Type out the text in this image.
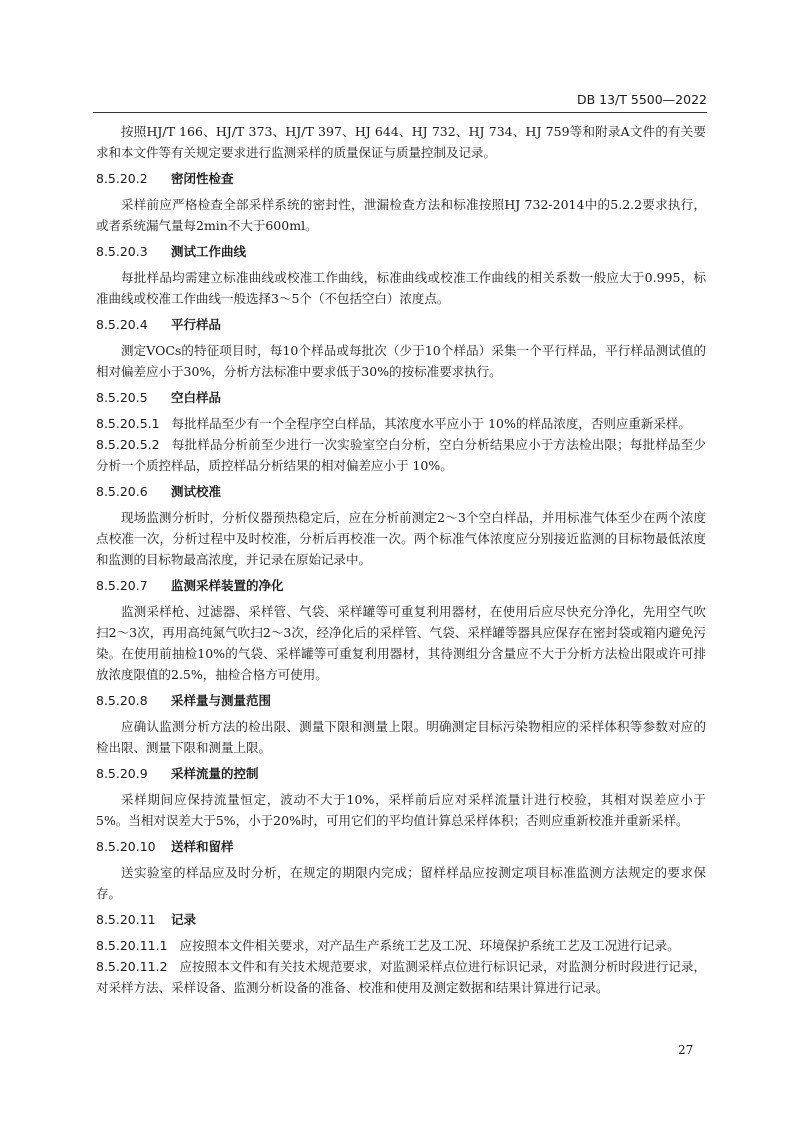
DB 13/T 5500—2022

按照HJ/T 166、HJ/T 373、HJ/T 397、HJ 644、HJ 732、HJ 734、HJ 759等和附录A文件的有关要求和本文件等有关规定要求进行监测采样的质量保证与质量控制及记录。

8.5.20.2 密闭性检查

采样前应严格检查全部采样系统的密封性，泄漏检查方法和标准按照HJ 732-2014中的5.2.2要求执行，或者系统漏气量每2min不大于600ml。

8.5.20.3 测试工作曲线

每批样品均需建立标准曲线或校准工作曲线，标准曲线或校准工作曲线的相关系数一般应大于0.995，标准曲线或校准工作曲线一般选择3～5个（不包括空白）浓度点。

8.5.20.4 平行样品

测定VOCs的特征项目时，每10个样品或每批次（少于10个样品）采集一个平行样品，平行样品测试值的相对偏差应小于30%，分析方法标准中要求低于30%的按标准要求执行。

8.5.20.5 空白样品

8.5.20.5.1 每批样品至少有一个全程序空白样品，其浓度水平应小于 10%的样品浓度，否则应重新采样。

8.5.20.5.2 每批样品分析前至少进行一次实验室空白分析，空白分析结果应小于方法检出限；每批样品至少分析一个质控样品，质控样品分析结果的相对偏差应小于 10%。

8.5.20.6 测试校准

现场监测分析时，分析仪器预热稳定后，应在分析前测定2～3个空白样品，并用标准气体至少在两个浓度点校准一次，分析过程中及时校准，分析后再校准一次。两个标准气体浓度应分别接近监测的目标物最低浓度和监测的目标物最高浓度，并记录在原始记录中。

8.5.20.7 监测采样装置的净化

监测采样枪、过滤器、采样管、气袋、采样罐等可重复利用器材，在使用后应尽快充分净化，先用空气吹扫2～3次，再用高纯氮气吹扫2～3次，经净化后的采样管、气袋、采样罐等器具应保存在密封袋或箱内避免污染。在使用前抽检10%的气袋、采样罐等可重复利用器材，其待测组分含量应不大于分析方法检出限或许可排放浓度限值的2.5%，抽检合格方可使用。

8.5.20.8 采样量与测量范围

应确认监测分析方法的检出限、测量下限和测量上限。明确测定目标污染物相应的采样体积等参数对应的检出限、测量下限和测量上限。

8.5.20.9 采样流量的控制

采样期间应保持流量恒定，波动不大于10%，采样前后应对采样流量计进行校验，其相对误差应小于5%。当相对误差大于5%，小于20%时，可用它们的平均值计算总采样体积；否则应重新校准并重新采样。

8.5.20.10 送样和留样

送实验室的样品应及时分析，在规定的期限内完成；留样样品应按测定项目标准监测方法规定的要求保存。

8.5.20.11 记录

8.5.20.11.1 应按照本文件相关要求，对产品生产系统工艺及工况、环境保护系统工艺及工况进行记录。

8.5.20.11.2 应按照本文件和有关技术规范要求，对监测采样点位进行标识记录，对监测分析时段进行记录，对采样方法、采样设备、监测分析设备的准备、校准和使用及测定数据和结果计算进行记录。

27
